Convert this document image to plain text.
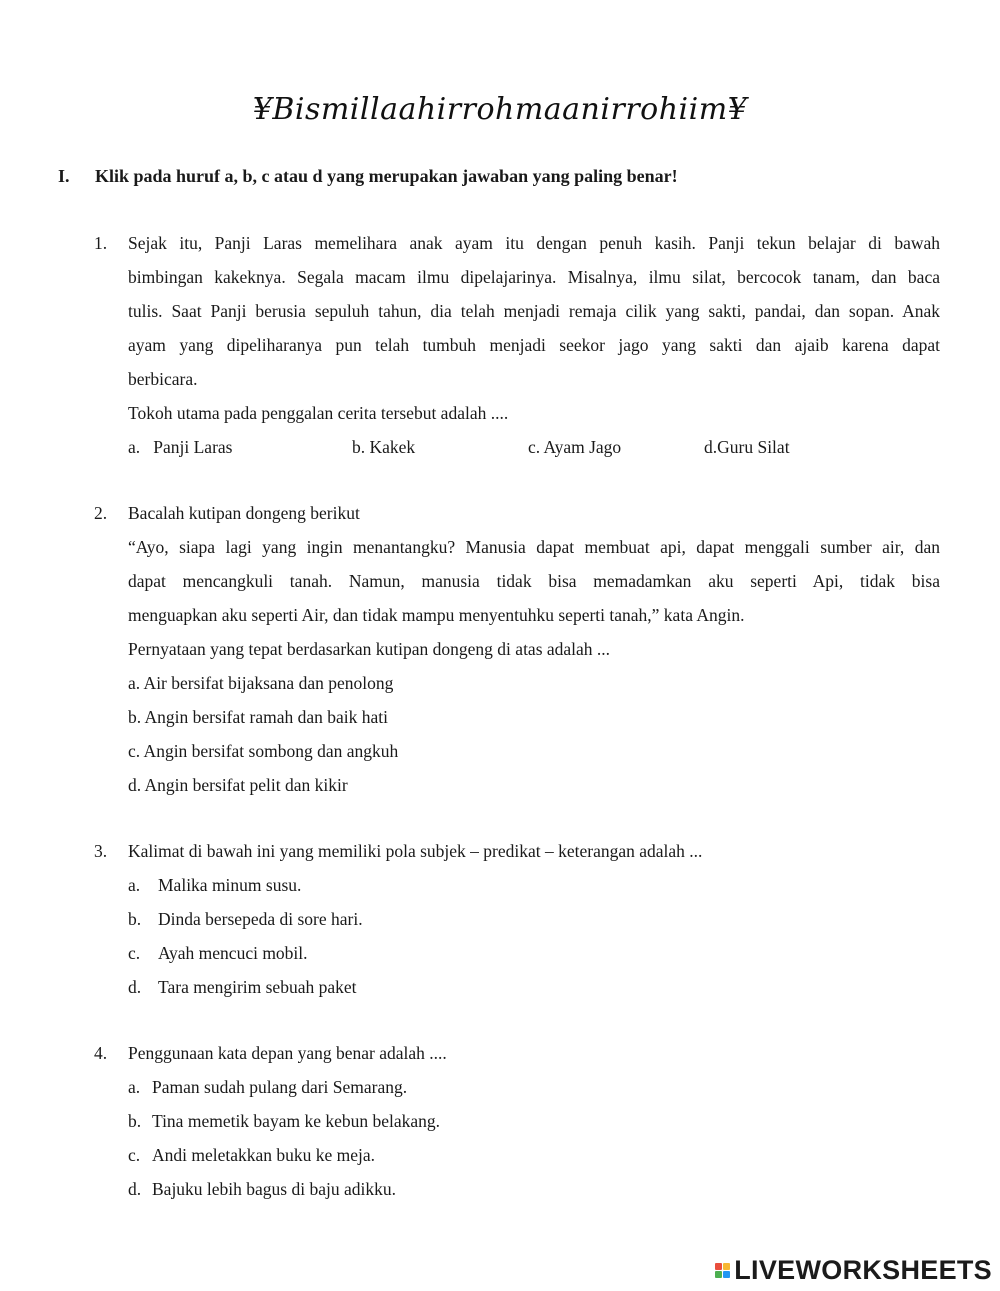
¥Bismillaahirrohmaanirrohiim¥
I. Klik pada huruf a, b, c atau d yang merupakan jawaban yang paling benar!
1. Sejak itu, Panji Laras memelihara anak ayam itu dengan penuh kasih. Panji tekun belajar di bawah
bimbingan kakeknya. Segala macam ilmu dipelajarinya. Misalnya, ilmu silat, bercocok tanam, dan baca
tulis. Saat Panji berusia sepuluh tahun, dia telah menjadi remaja cilik yang sakti, pandai, dan sopan. Anak
ayam yang dipeliharanya pun telah tumbuh menjadi seekor jago yang sakti dan ajaib karena dapat
berbicara.
Tokoh utama pada penggalan cerita tersebut adalah ....
a.   Panji Laras	b. Kakek	c. Ayam Jago	d.Guru Silat
2. Bacalah kutipan dongeng berikut
“Ayo, siapa lagi yang ingin menantangku? Manusia dapat membuat api, dapat menggali sumber air, dan
dapat mencangkuli tanah. Namun, manusia tidak bisa memadamkan aku seperti Api, tidak bisa
menguapkan aku seperti Air, dan tidak mampu menyentuhku seperti tanah,” kata Angin.
Pernyataan yang tepat berdasarkan kutipan dongeng di atas adalah ...
a. Air bersifat bijaksana dan penolong
b. Angin bersifat ramah dan baik hati
c. Angin bersifat sombong dan angkuh
d. Angin bersifat pelit dan kikir
3. Kalimat di bawah ini yang memiliki pola subjek – predikat – keterangan adalah ...
a. Malika minum susu.
b. Dinda bersepeda di sore hari.
c. Ayah mencuci mobil.
d. Tara mengirim sebuah paket
4. Penggunaan kata depan yang benar adalah ....
a. Paman sudah pulang dari Semarang.
b. Tina memetik bayam ke kebun belakang.
c. Andi meletakkan buku ke meja.
d. Bajuku lebih bagus di baju adikku.
LIVEWORKSHEETS
